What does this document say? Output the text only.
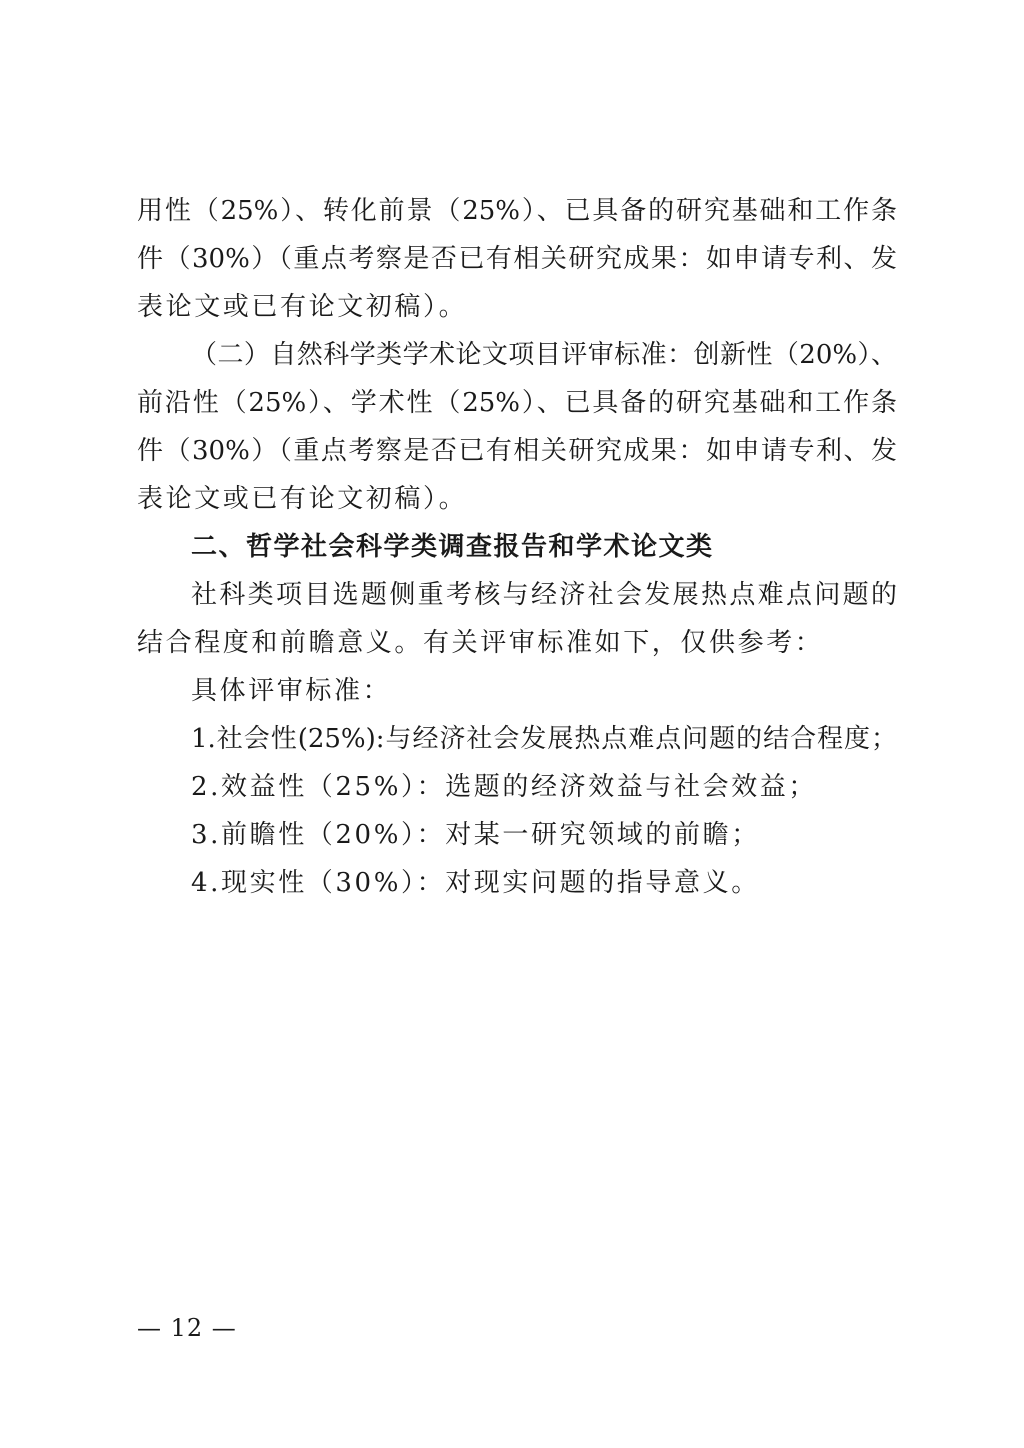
用性（25%）、转化前景（25%）、已具备的研究基础和工作条
件（30%）（重点考察是否已有相关研究成果：如申请专利、发
表论文或已有论文初稿）。
（二）自然科学类学术论文项目评审标准：创新性（20%）、
前沿性（25%）、学术性（25%）、已具备的研究基础和工作条
件（30%）（重点考察是否已有相关研究成果：如申请专利、发
表论文或已有论文初稿）。
二、哲学社会科学类调查报告和学术论文类
社科类项目选题侧重考核与经济社会发展热点难点问题的
结合程度和前瞻意义。有关评审标准如下，仅供参考：
具体评审标准：
1.社会性(25%):与经济社会发展热点难点问题的结合程度；
2.效益性（25%）：选题的经济效益与社会效益；
3.前瞻性（20%）：对某一研究领域的前瞻；
4.现实性（30%）：对现实问题的指导意义。
— 12 —
